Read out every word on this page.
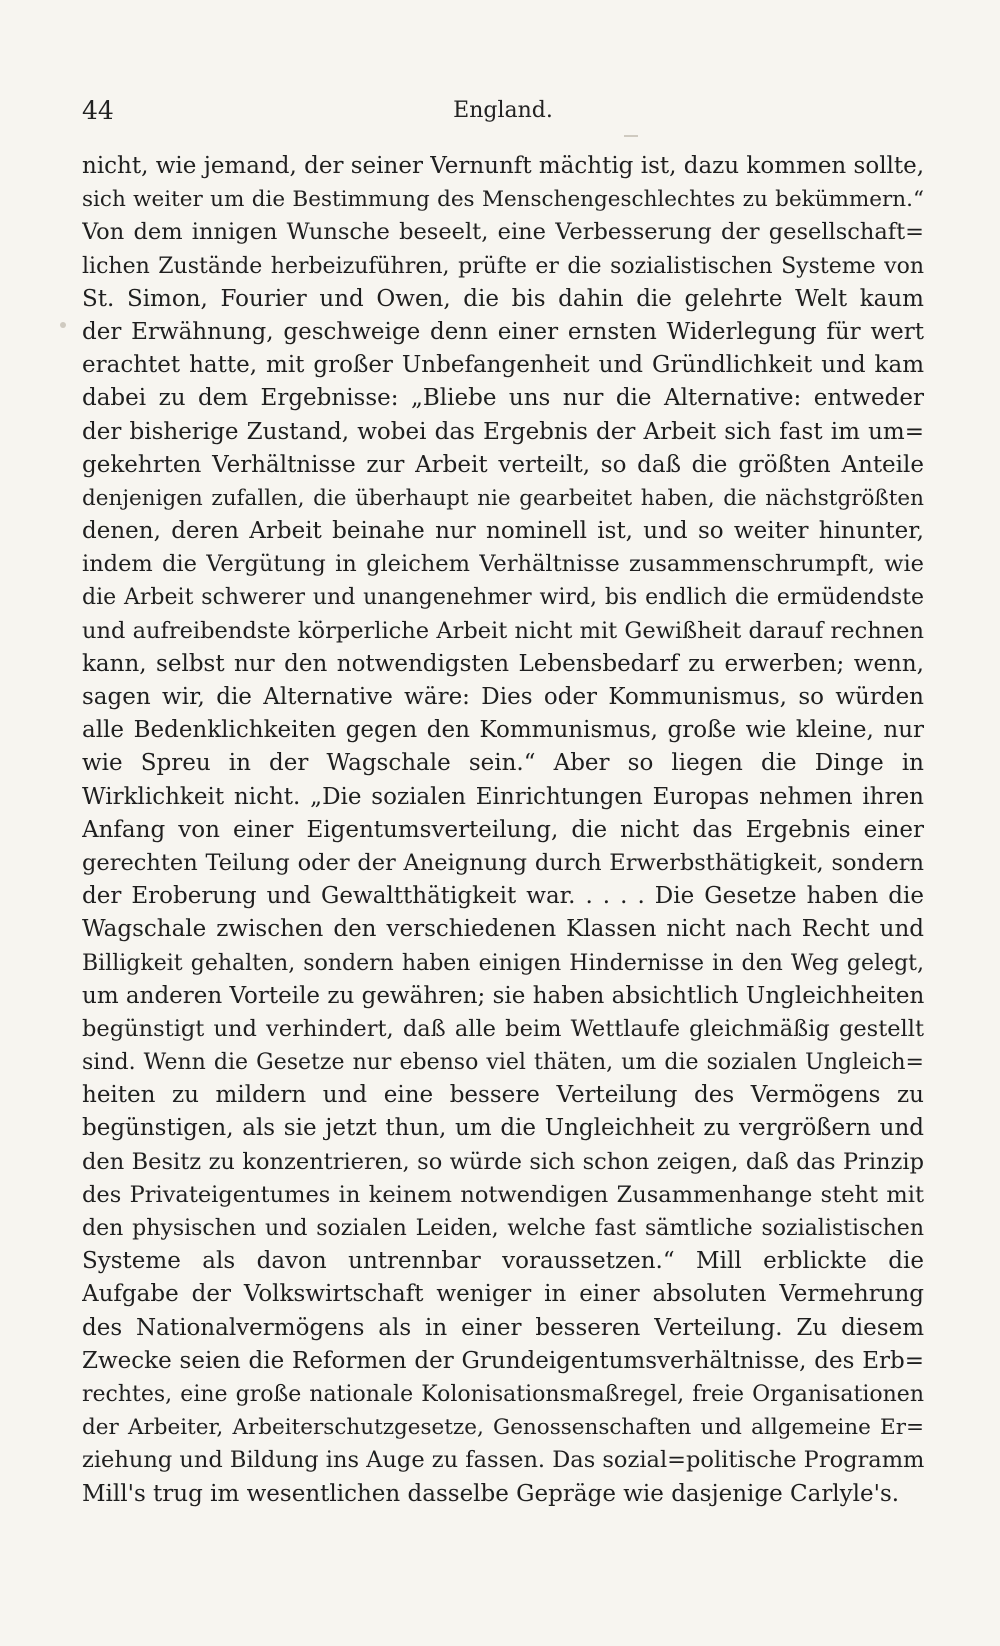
44	England.
nicht, wie jemand, der seiner Vernunft mächtig ist, dazu kommen sollte,
sich weiter um die Bestimmung des Menschengeschlechtes zu bekümmern.“
Von dem innigen Wunsche beseelt, eine Verbesserung der gesellschaft=
lichen Zustände herbeizuführen, prüfte er die sozialistischen Systeme von
St. Simon, Fourier und Owen, die bis dahin die gelehrte Welt kaum
der Erwähnung, geschweige denn einer ernsten Widerlegung für wert
erachtet hatte, mit großer Unbefangenheit und Gründlichkeit und kam
dabei zu dem Ergebnisse: „Bliebe uns nur die Alternative: entweder
der bisherige Zustand, wobei das Ergebnis der Arbeit sich fast im um=
gekehrten Verhältnisse zur Arbeit verteilt, so daß die größten Anteile
denjenigen zufallen, die überhaupt nie gearbeitet haben, die nächstgrößten
denen, deren Arbeit beinahe nur nominell ist, und so weiter hinunter,
indem die Vergütung in gleichem Verhältnisse zusammenschrumpft, wie
die Arbeit schwerer und unangenehmer wird, bis endlich die ermüdendste
und aufreibendste körperliche Arbeit nicht mit Gewißheit darauf rechnen
kann, selbst nur den notwendigsten Lebensbedarf zu erwerben; wenn,
sagen wir, die Alternative wäre: Dies oder Kommunismus, so würden
alle Bedenklichkeiten gegen den Kommunismus, große wie kleine, nur
wie Spreu in der Wagschale sein.“ Aber so liegen die Dinge in
Wirklichkeit nicht. „Die sozialen Einrichtungen Europas nehmen ihren
Anfang von einer Eigentumsverteilung, die nicht das Ergebnis einer
gerechten Teilung oder der Aneignung durch Erwerbsthätigkeit, sondern
der Eroberung und Gewaltthätigkeit war. . . . . Die Gesetze haben die
Wagschale zwischen den verschiedenen Klassen nicht nach Recht und
Billigkeit gehalten, sondern haben einigen Hindernisse in den Weg gelegt,
um anderen Vorteile zu gewähren; sie haben absichtlich Ungleichheiten
begünstigt und verhindert, daß alle beim Wettlaufe gleichmäßig gestellt
sind. Wenn die Gesetze nur ebenso viel thäten, um die sozialen Ungleich=
heiten zu mildern und eine bessere Verteilung des Vermögens zu
begünstigen, als sie jetzt thun, um die Ungleichheit zu vergrößern und
den Besitz zu konzentrieren, so würde sich schon zeigen, daß das Prinzip
des Privateigentumes in keinem notwendigen Zusammenhange steht mit
den physischen und sozialen Leiden, welche fast sämtliche sozialistischen
Systeme als davon untrennbar voraussetzen.“ Mill erblickte die
Aufgabe der Volkswirtschaft weniger in einer absoluten Vermehrung
des Nationalvermögens als in einer besseren Verteilung. Zu diesem
Zwecke seien die Reformen der Grundeigentumsverhältnisse, des Erb=
rechtes, eine große nationale Kolonisationsmaßregel, freie Organisationen
der Arbeiter, Arbeiterschutzgesetze, Genossenschaften und allgemeine Er=
ziehung und Bildung ins Auge zu fassen. Das sozial=politische Programm
Mill's trug im wesentlichen dasselbe Gepräge wie dasjenige Carlyle's.
